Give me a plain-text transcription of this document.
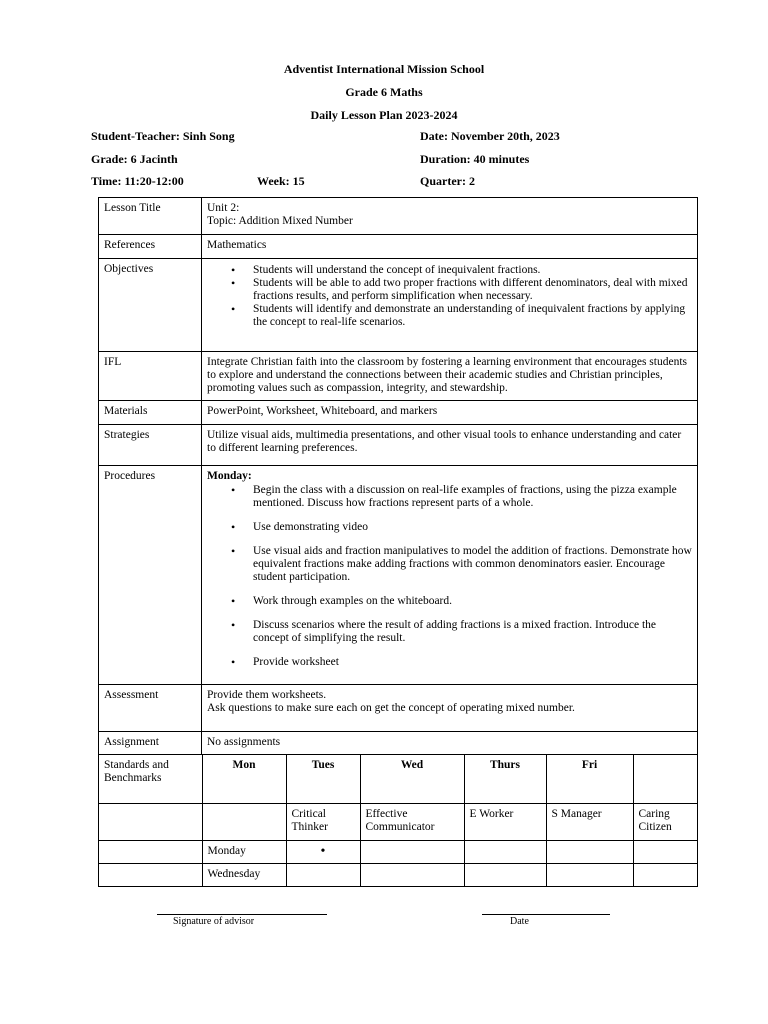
Adventist International Mission School
Grade 6 Maths
Daily Lesson Plan 2023-2024
Student-Teacher: Sinh Song	Date: November 20th, 2023
Grade: 6 Jacinth	Duration: 40 minutes
Time: 11:20-12:00	Week: 15	Quarter: 2
Lesson Title	Unit 2:
Topic: Addition Mixed Number

References	Mathematics
Objectives	
•Students will understand the concept of inequivalent fractions.
• Students will be able to add two proper fractions with different denominators, deal with mixed fractions results, and perform simplification when necessary.
• Students will identify and demonstrate an understanding of inequivalent fractions by applying the concept to real-life scenarios.

IFL	Integrate Christian faith into the classroom by fostering a learning environment that encourages students to explore and understand the connections between their academic studies and Christian principles, promoting values such as compassion, integrity, and stewardship.
Materials	PowerPoint, Worksheet, Whiteboard, and markers
Strategies	Utilize visual aids, multimedia presentations, and other visual tools to enhance understanding and cater to different learning preferences.
Procedures	Monday:
• Begin the class with a discussion on real-life examples of fractions, using the pizza example mentioned. Discuss how fractions represent parts of a whole.
• Use demonstrating video
• Use visual aids and fraction manipulatives to model the addition of fractions. Demonstrate how equivalent fractions make adding fractions with common denominators easier. Encourage student participation.
• Work through examples on the whiteboard.
• Discuss scenarios where the result of adding fractions is a mixed fraction. Introduce the concept of simplifying the result.
• Provide worksheet

Assessment	Provide them worksheets.
Ask questions to make sure each on get the concept of operating mixed number.

Assignment	No assignments

Standards and Benchmarks	Mon	Tues	Wed	Thurs	Fri	
		Critical Thinker	Effective Communicator	E Worker	S Manager	Caring Citizen
	Monday	•				
	Wednesday					
Signature of advisor	Date
